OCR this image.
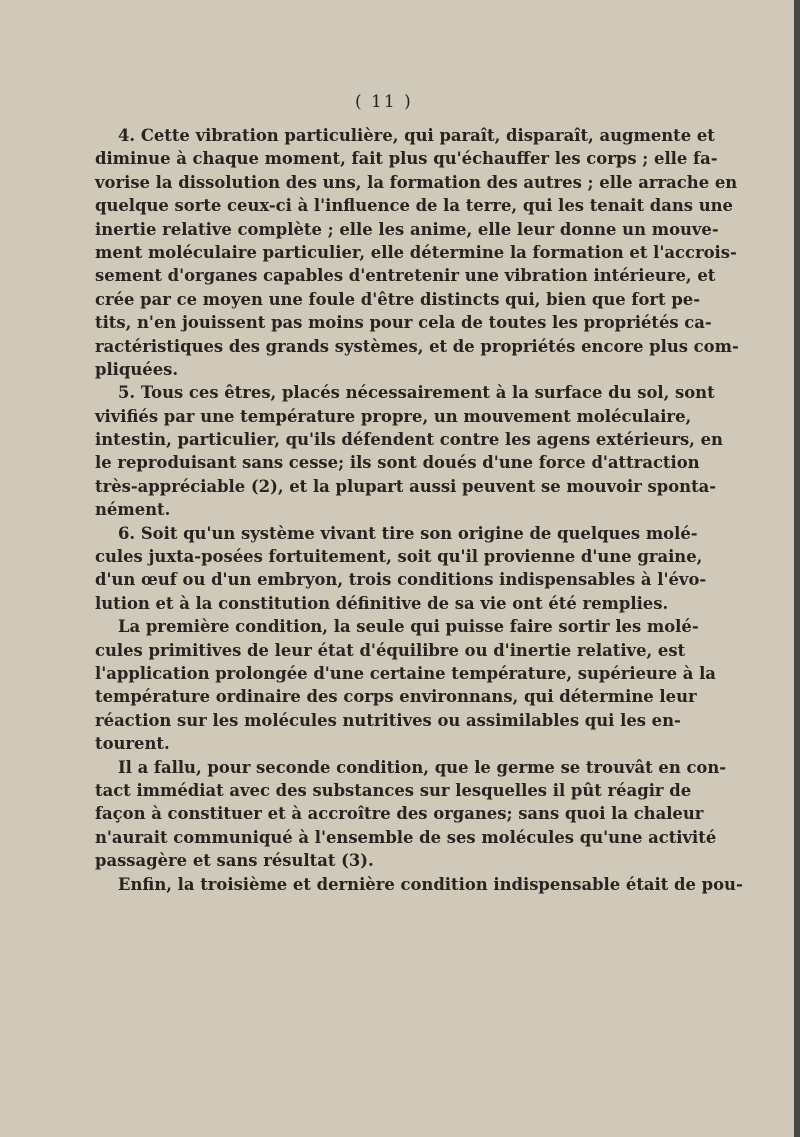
( 11 )
4. Cette vibration particulière, qui paraît, disparaît, augmente et
diminue à chaque moment, fait plus qu'échauffer les corps ; elle fa-
vorise la dissolution des uns, la formation des autres ; elle arrache en
quelque sorte ceux-ci à l'influence de la terre, qui les tenait dans une
inertie relative complète ; elle les anime, elle leur donne un mouve-
ment moléculaire particulier, elle détermine la formation et l'accrois-
sement d'organes capables d'entretenir une vibration intérieure, et
crée par ce moyen une foule d'être distincts qui, bien que fort pe-
tits, n'en jouissent pas moins pour cela de toutes les propriétés ca-
ractéristiques des grands systèmes, et de propriétés encore plus com-
pliquées.
5. Tous ces êtres, placés nécessairement à la surface du sol, sont
vivifiés par une température propre, un mouvement moléculaire,
intestin, particulier, qu'ils défendent contre les agens extérieurs, en
le reproduisant sans cesse; ils sont doués d'une force d'attraction
très-appréciable (2), et la plupart aussi peuvent se mouvoir sponta-
nément.
6. Soit qu'un système vivant tire son origine de quelques molé-
cules juxta-posées fortuitement, soit qu'il provienne d'une graine,
d'un œuf ou d'un embryon, trois conditions indispensables à l'évo-
lution et à la constitution définitive de sa vie ont été remplies.
La première condition, la seule qui puisse faire sortir les molé-
cules primitives de leur état d'équilibre ou d'inertie relative, est
l'application prolongée d'une certaine température, supérieure à la
température ordinaire des corps environnans, qui détermine leur
réaction sur les molécules nutritives ou assimilables qui les en-
tourent.
Il a fallu, pour seconde condition, que le germe se trouvât en con-
tact immédiat avec des substances sur lesquelles il pût réagir de
façon à constituer et à accroître des organes; sans quoi la chaleur
n'aurait communiqué à l'ensemble de ses molécules qu'une activité
passagère et sans résultat (3).
Enfin, la troisième et dernière condition indispensable était de pou-
